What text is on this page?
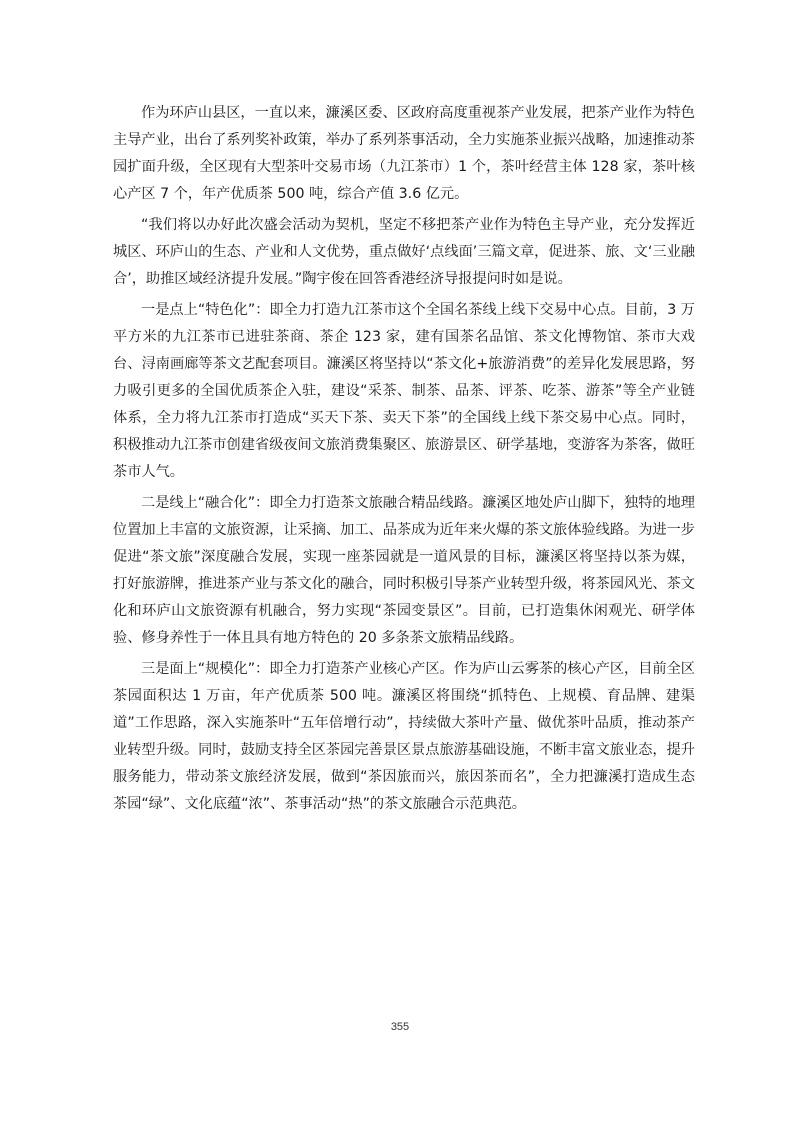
作为环庐山县区，一直以来，濂溪区委、区政府高度重视茶产业发展，把茶产业作为特色主导产业，出台了系列奖补政策，举办了系列茶事活动，全力实施茶业振兴战略，加速推动茶园扩面升级，全区现有大型茶叶交易市场（九江茶市）1 个，茶叶经营主体 128 家，茶叶核心产区 7 个，年产优质茶 500 吨，综合产值 3.6 亿元。

“我们将以办好此次盛会活动为契机，坚定不移把茶产业作为特色主导产业，充分发挥近城区、环庐山的生态、产业和人文优势，重点做好‘点线面’三篇文章，促进茶、旅、文‘三业融合’，助推区域经济提升发展。”陶宇俊在回答香港经济导报提问时如是说。

一是点上“特色化”：即全力打造九江茶市这个全国名茶线上线下交易中心点。目前，3 万平方米的九江茶市已进驻茶商、茶企 123 家，建有国茶名品馆、茶文化博物馆、茶市大戏台、浔南画廊等茶文艺配套项目。濂溪区将坚持以“茶文化+旅游消费”的差异化发展思路，努力吸引更多的全国优质茶企入驻，建设“采茶、制茶、品茶、评茶、吃茶、游茶”等全产业链体系，全力将九江茶市打造成“买天下茶、卖天下茶”的全国线上线下茶交易中心点。同时，积极推动九江茶市创建省级夜间文旅消费集聚区、旅游景区、研学基地，变游客为茶客，做旺茶市人气。

二是线上“融合化”：即全力打造茶文旅融合精品线路。濂溪区地处庐山脚下，独特的地理位置加上丰富的文旅资源，让采摘、加工、品茶成为近年来火爆的茶文旅体验线路。为进一步促进“茶文旅”深度融合发展，实现一座茶园就是一道风景的目标，濂溪区将坚持以茶为媒，打好旅游牌，推进茶产业与茶文化的融合，同时积极引导茶产业转型升级，将茶园风光、茶文化和环庐山文旅资源有机融合，努力实现“茶园变景区”。目前，已打造集休闲观光、研学体验、修身养性于一体且具有地方特色的 20 多条茶文旅精品线路。

三是面上“规模化”：即全力打造茶产业核心产区。作为庐山云雾茶的核心产区，目前全区茶园面积达 1 万亩，年产优质茶 500 吨。濂溪区将围绕“抓特色、上规模、育品牌、建渠道”工作思路，深入实施茶叶“五年倍增行动”，持续做大茶叶产量、做优茶叶品质，推动茶产业转型升级。同时，鼓励支持全区茶园完善景区景点旅游基础设施，不断丰富文旅业态，提升服务能力，带动茶文旅经济发展，做到“茶因旅而兴，旅因茶而名”，全力把濂溪打造成生态茶园“绿”、文化底蕴“浓”、茶事活动“热”的茶文旅融合示范典范。

355
